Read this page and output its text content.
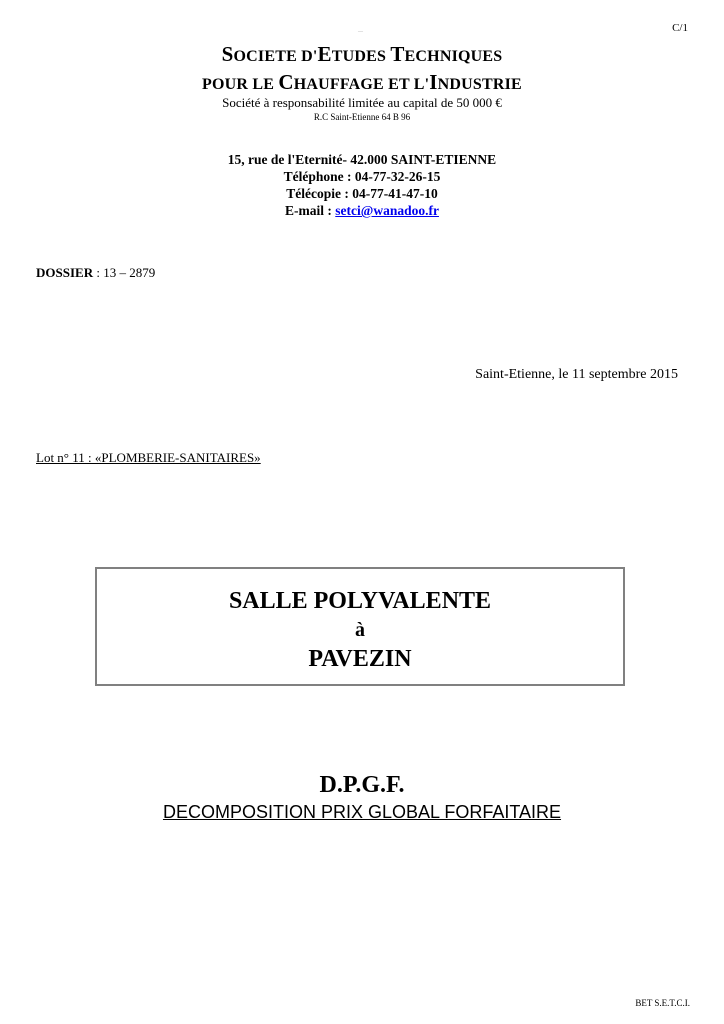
C/1
—
SOCIETE D'ETUDES TECHNIQUES
POUR LE CHAUFFAGE ET L'INDUSTRIE
Société à responsabilité limitée au capital de 50 000 €
R.C Saint-Etienne 64 B 96
15, rue de l'Eternité- 42.000 SAINT-ETIENNE
Téléphone : 04-77-32-26-15
Télécopie : 04-77-41-47-10
E-mail : setci@wanadoo.fr
DOSSIER : 13 – 2879
Saint-Etienne, le 11 septembre 2015
Lot n° 11 : «PLOMBERIE-SANITAIRES»
SALLE POLYVALENTE
à
PAVEZIN
D.P.G.F.
DECOMPOSITION PRIX GLOBAL FORFAITAIRE
BET S.E.T.C.I.
